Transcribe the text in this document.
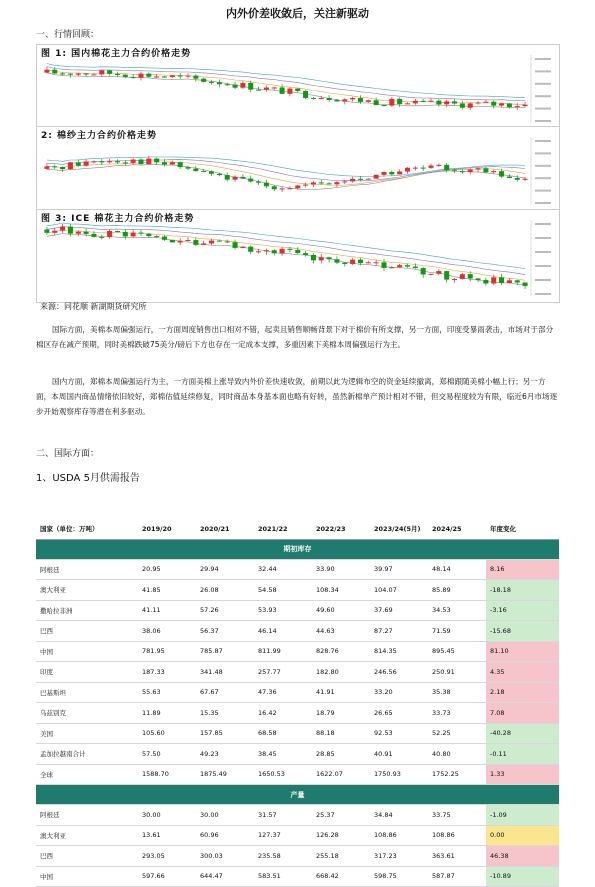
内外价差收敛后，关注新驱动
一、行情回顾：
图 1: 国内棉花主力合约价格走势
2: 棉纱主力合约价格走势
图 3: ICE 棉花主力合约价格走势
来源：同花顺 新湖期货研究所
国际方面，美棉本周偏强运行，一方面周度销售出口相对不错，起卖且销售顺畅背景下对于棉价有所支撑，另一方面，印度受暴雨袭击，市场对于部分棉区存在减产预期，同时美棉跌破75美分/磅后下方也存在一定成本支撑，多重因素下美棉本周偏强运行为主。
国内方面，郑棉本周偏强运行为主，一方面美棉上涨导致内外价差快速收敛，前期以此为逻辑布空的资金延续撤离，郑棉跟随美棉小幅上行；另一方面，本周国内商品情绪依旧较好，郑棉估值延续修复，同时商品本身基本面也略有好转，虽然新棉单产预计相对不错，但交易程度较为有限，临近6月市场逐步开始观察库存等潜在利多驱动。
二、国际方面：
1、USDA 5月供需报告
国家（单位：万吨）	2019/20	2020/21	2021/22	2022/23	2023/24(5月)	2024/25	年度变化
期初库存							
阿根廷	20.95	29.94	32.44	33.90	39.97	48.14	8.16
澳大利亚	41.85	26.08	54.58	108.34	104.07	85.89	-18.18
撒哈拉非洲	41.11	57.26	53.93	49.60	37.69	34.53	-3.16
巴西	38.06	56.37	46.14	44.63	87.27	71.59	-15.68
中国	781.95	785.87	811.99	828.76	814.35	895.45	81.10
印度	187.33	341.48	257.77	182.80	246.56	250.91	4.35
巴基斯坦	55.63	67.67	47.36	41.91	33.20	35.38	2.18
乌兹别克	11.89	15.35	16.42	18.79	26.65	33.73	7.08
美国	105.60	157.85	68.58	88.18	92.53	52.25	-40.28
孟加拉越南合计	57.50	49.23	38.45	28.85	40.91	40.80	-0.11
全球	1588.70	1875.49	1650.53	1622.07	1750.93	1752.25	1.33
产量							
阿根廷	30.00	30.00	31.57	25.37	34.84	33.75	-1.09
澳大利亚	13.61	60.96	127.37	126.28	108.86	108.86	0.00
巴西	293.05	300.03	235.58	255.18	317.23	363.61	46.38
中国	597.66	644.47	583.51	668.42	598.75	587.87	-10.89
